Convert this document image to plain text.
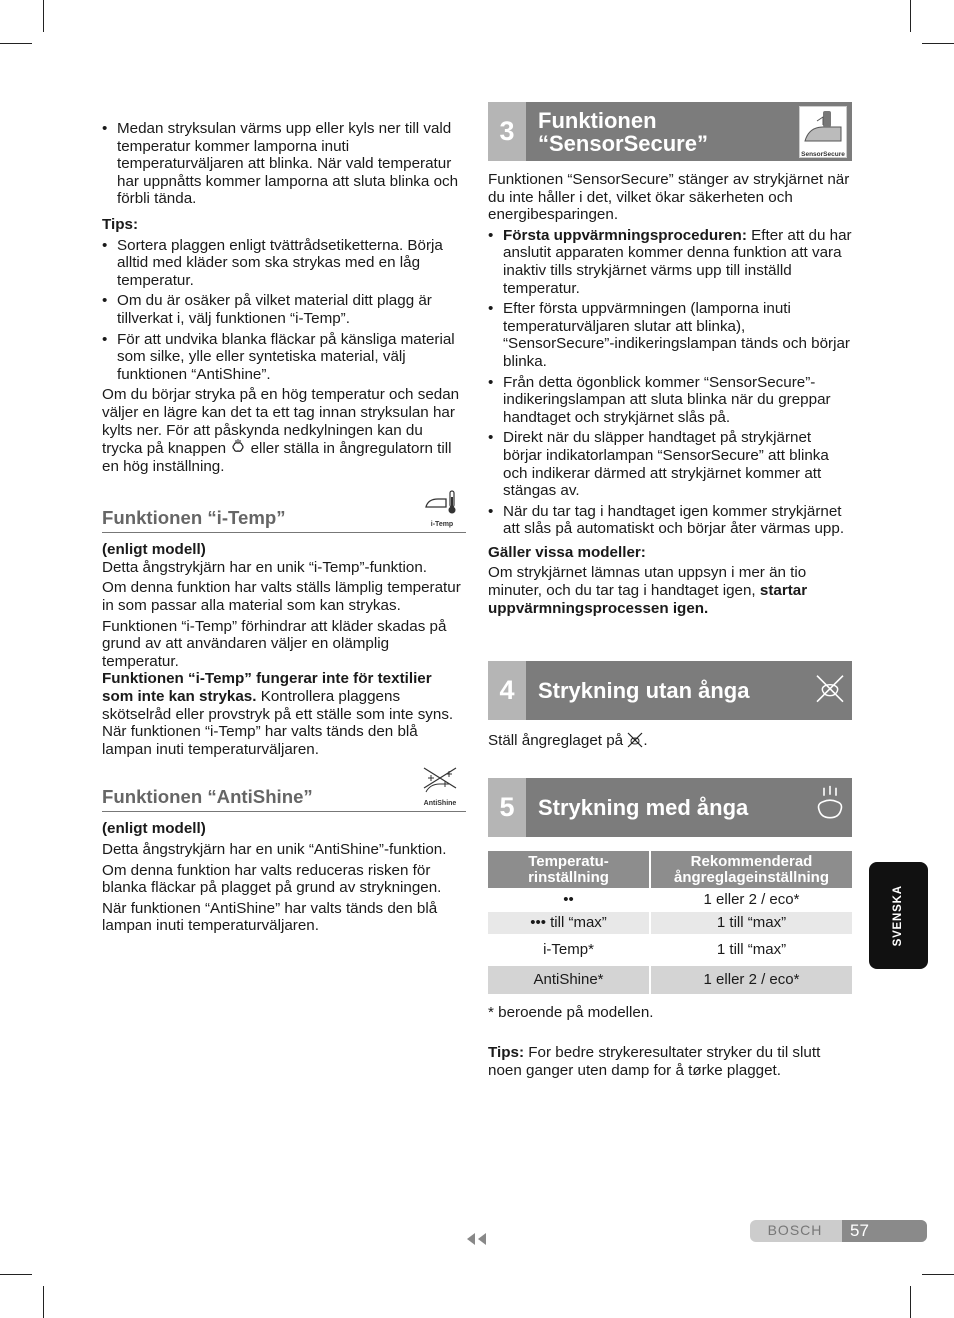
• Medan stryksulan värms upp eller kyls ner till vald temperatur kommer lamporna inuti temperaturväljaren att blinka. När vald temperatur har uppnåtts kommer lamporna att sluta blinka och förbli tända.

Tips:

• Sortera plaggen enligt tvättrådsetiketterna. Börja alltid med kläder som ska strykas med en låg temperatur.

• Om du är osäker på vilket material ditt plagg är tillverkat i, välj funktionen “i-Temp”.

• För att undvika blanka fläckar på känsliga material som silke, ylle eller syntetiska material, välj funktionen “AntiShine”.

Om du börjar stryka på en hög temperatur och sedan väljer en lägre kan det ta ett tag innan stryksulan har kylts ner. För att påskynda nedkylningen kan du trycka på knappen eller ställa in ångregulatorn till en hög inställning.

Funktionen “i-Temp”	i-Temp

(enligt modell)

Detta ångstrykjärn har en unik “i-Temp”-funktion.

Om denna funktion har valts ställs lämplig temperatur in som passar alla material som kan strykas.

Funktionen “i-Temp” förhindrar att kläder skadas på grund av att användaren väljer en olämplig temperatur.

Funktionen “i-Temp” fungerar inte för textilier som inte kan strykas. Kontrollera plaggens skötselråd eller provstryk på ett ställe som inte syns.

När funktionen “i-Temp” har valts tänds den blå lampan inuti temperaturväljaren.

Funktionen “AntiShine”	AntiShine

(enligt modell)

Detta ångstrykjärn har en unik “AntiShine”-funktion.

Om denna funktion har valts reduceras risken för blanka fläckar på plagget på grund av strykningen.

När funktionen “AntiShine” har valts tänds den blå lampan inuti temperaturväljaren.

3	Funktionen
“SensorSecure”	SensorSecure

Funktionen “SensorSecure” stänger av strykjärnet när du inte håller i det, vilket ökar säkerheten och energibesparingen.

• Första uppvärmningsproceduren: Efter att du har anslutit apparaten kommer denna funktion att vara inaktiv tills strykjärnet värms upp till inställd temperatur.

• Efter första uppvärmningen (lamporna inuti temperaturväljaren slutar att blinka), “SensorSecure”-indikeringslampan tänds och börjar blinka.

• Från detta ögonblick kommer “SensorSecure”-indikeringslampan att sluta blinka när du greppar handtaget och strykjärnet slås på.

• Direkt när du släpper handtaget på strykjärnet börjar indikatorlampan “SensorSecure” att blinka och indikerar därmed att strykjärnet kommer att stängas av.

• När du tar tag i handtaget igen kommer strykjärnet att slås på automatiskt och börjar åter värmas upp.

Gäller vissa modeller:

Om strykjärnet lämnas utan uppsyn i mer än tio minuter, och du tar tag i handtaget igen, startar uppvärmningsprocessen igen.

4	Strykning utan ånga

Ställ ångreglaget på .

5	Strykning med ånga
Temperatu-rinställning	Rekommenderad ångreglageinställning
••	1 eller 2 / eco*
••• till “max”	1 till “max”
i-Temp*	1 till “max”
AntiShine*	1 eller 2 / eco*

* beroende på modellen.

Tips: For bedre strykeresultater stryker du til slutt noen ganger uten damp for å tørke plagget.

SVENSKA
BOSCH	57
